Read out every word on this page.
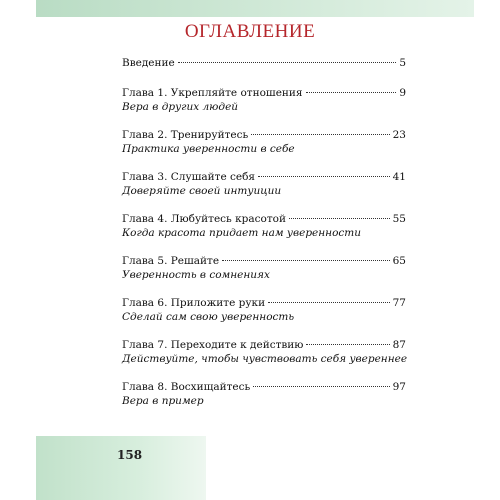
ОГЛАВЛЕНИЕ
Введение	5
Глава 1. Укрепляйте отношения	9
Вера в других людей
Глава 2. Тренируйтесь	23
Практика уверенности в себе
Глава 3. Слушайте себя	41
Доверяйте своей интуиции
Глава 4. Любуйтесь красотой	55
Когда красота придает нам уверенности
Глава 5. Решайте	65
Уверенность в сомнениях
Глава 6. Приложите руки	77
Сделай сам свою уверенность
Глава 7. Переходите к действию	87
Действуйте, чтобы чувствовать себя увереннее
Глава 8. Восхищайтесь	97
Вера в пример
158
